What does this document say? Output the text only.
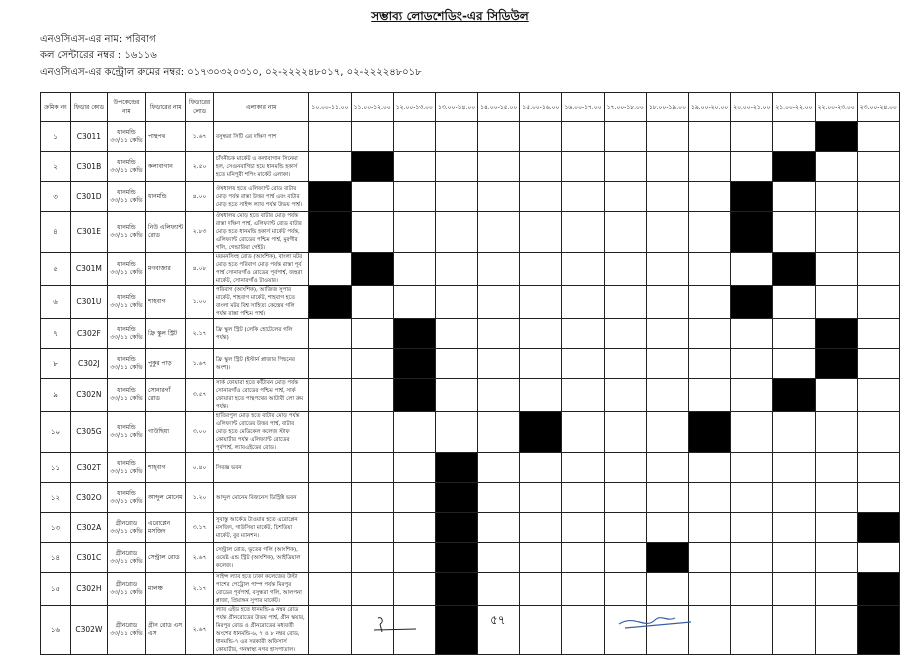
সম্ভাব্য লোডশেডিং-এর সিডিউল
এনওসিএস-এর নাম: পরিবাগ
কল সেন্টারের নম্বর : ১৬১১৬
এনওসিএস-এর কন্ট্রোল রুমের নম্বর: ০১৭৩০৩২০৩১০, ০২-২২২২৪৮০১৭, ০২-২২২২৪৮০১৮
ক্রমিক নং	ফিডার কোড	উপকেন্দ্রের নাম	ফিডারের নাম	ফিডারের লোড	এলাকার নাম	১০.০০-১১.০০	১১.০০-১২.০০	১২.০০-১৩.০০	১৩.০০-১৪.০০	১৪.০০-১৫.০০	১৫.০০-১৬.০০	১৬.০০-১৭.০০	১৭.০০-১৮.০০	১৮.০০-১৯.০০	১৯.০০-২০.০০	২০.০০-২১.০০	২১.০০-২২.০০	২২.০০-২৩.০০	২৩.০০-২৪.০০
১	C3011	ধানমন্ডি ৩৩/১১ কেভি	পান্থপথ	১.৬৭	বসুন্ধরা সিটি এর দক্ষিণ পাশ														
২	C301B	ধানমন্ডি ৩৩/১১ কেভি	কলাবাগান	২.৫০	চাঁদনীচক মার্কেট ও কলাবাগান সিনেমা হল, সেগুনবাগিচা হয়ে ধানমন্ডি হকার্স হতে মনিপুরী শপিং মার্কেট এলাকা।														
৩	C301D	ধানমন্ডি ৩৩/১১ কেভি	ধানমন্ডি	৪.০০	ঔষধালয় হতে এলিফ্যান্ট রোড বাটার মোড় পর্যন্ত রাস্তা উত্তর পার্শ্ব এবং বাটার মোড় হতে সাইন্স ল্যাব পর্যন্ত উভয় পার্শ্ব।														
৪	C301E	ধানমন্ডি ৩৩/১১ কেভি	নিউ এলিফ্যান্ট রোড	২.৮৩	ঔষধালয় মোড় হতে বাটার মোড় পর্যন্ত রাস্তা দক্ষিণ পার্শ্ব, এলিফ্যান্ট রোড বাটার মোড় হতে ধানমন্ডি হকার্স মার্কেট পর্যন্ত, এলিফ্যান্ট রোডের পশ্চিম পার্শ্ব, মুরগীর গলি, গেন্ডারিয়া গেইট।														
৫	C301M	ধানমন্ডি ৩৩/১১ কেভি	মগবাজার	৪.০৮	ময়মনসিংহ রোড (আংশিক), বাংলা মটর মোড় হতে পরিবাগ মোড় পর্যন্ত রাস্তা পূর্ব পার্শ্ব সোনারগাঁও রোডের পূর্বপার্শ্ব, জহুরা মার্কেট, সোনারগাঁও টাওয়ার।														
৬	C301U	ধানমন্ডি ৩৩/১১ কেভি	শাহবাগ	১.০০	পরিবাগ (আংশিক), আজিজ সুপার মার্কেট, শাহবাগ মার্কেট, শাহবাগ হতে বাংলা মটর বিশ্ব সাহিত্য কেন্দ্রের গলি পর্যন্ত রাস্তা পশ্চিম পার্শ্ব।														
৭	C302F	ধানমন্ডি ৩৩/১১ কেভি	ফ্রি স্কুল স্ট্রিট	২.১৭	ফ্রি স্কুল স্ট্রিট (লেকি হোটেলের গলি পর্যন্ত)														
৮	C302J	ধানমন্ডি ৩৩/১১ কেভি	পুকুর পাড়	১.৬৭	ফ্রি স্কুল স্ট্রিট (ইস্টার্ন প্লাজার পিছনের অংশ)।														
৯	C302N	ধানমন্ডি ৩৩/১১ কেভি	সোনারগাঁ রোড	৩.৫৭	সার্ক ফোয়ারা হতে কাঁটাবন মোড় পর্যন্ত সোনারগাঁও রোডের পশ্চিম পার্শ্ব, সার্ক ফোয়ারা হতে পান্থপথের আটাবী লো রুম পর্যন্ত।														
১০	C305G	ধানমন্ডি ৩৩/১১ কেভি	গাউছিয়া	৩.০০	হাতিরপুল মোড় হতে বাটার মোড় পর্যন্ত এলিফ্যান্ট রোডের উত্তর পার্শ্ব, বাটার মোড় হতে মেডিকেল কলেজ স্টাফ কোয়ার্টার পর্যন্ত এলিফ্যান্ট রোডের পূর্বপার্শ্ব, ল্যাবএইডের রোড।														
১১	C302T	ধানমন্ডি ৩৩/১১ কেভি	শাহ্‌বাগ	০.৪০	সিবজ্ঞ ভবন														
১২	C302O	ধানমন্ডি ৩৩/১১ কেভি	আব্দুল মোনেম	১.২০	আব্দুল মোনেম বিজনেস ডিস্ট্রিক্ট ভবন														
১৩	C302A	গ্রীনরোড ৩৩/১১ কেভি	এরোপ্লেন মসজিদ	৩.১৭	সুবাস্তু আর্কেড টাওয়ার হতে এরোপ্লেন মসজিদ, গাউসিয়া মার্কেট, চিশতিয়া মার্কেট, বুর ম্যানশন।														
১৪	C301C	গ্রীনরোড ৩৩/১১ কেভি	সেন্ট্রাল রোড	২.৬৭	সেন্ট্রাল রোড, ভূতের গলি (আংশিক), ওয়েষ্ট এন্ড স্ট্রিট (আংশিক), আইডিয়াল কলেজ।														
১৫	C302H	গ্রীনরোড ৩৩/১১ কেভি	মালঞ্চ	২.১৭	সাইন্স ল্যাব হতে ঢাকা কলেজের উল্টা পাশের পেট্রোল পাম্প পর্যন্ত মিরপুর রোডের পূর্বপার্শ্ব, বসুন্ধরা গলি, আলপনা প্লাজা, প্রিয়াঙ্গন সুপার মার্কেট।														
১৬	C302W	গ্রীনরোড ৩৩/১১ কেভি	গ্রীন রোড এস এস	২.৬৭	ল্যাব এইড হতে ধানমন্ডি-৬ নম্বর রোড পর্যন্ত গ্রীনরোডের উভয় পার্শ্ব, গ্রীন স্কয়ার, মিরপুর রোড ও গ্রীনরোডের মধ্যবর্তী অংশের ধানমন্ডি-৬, ৭ ও ৮ নম্বর রোড, ধানমন্ডি-৭ এর সরকারী অফিসার্স কোয়ার্টার, গনস্বাস্থ্য নগর হাসপাতাল।														
৫৭
